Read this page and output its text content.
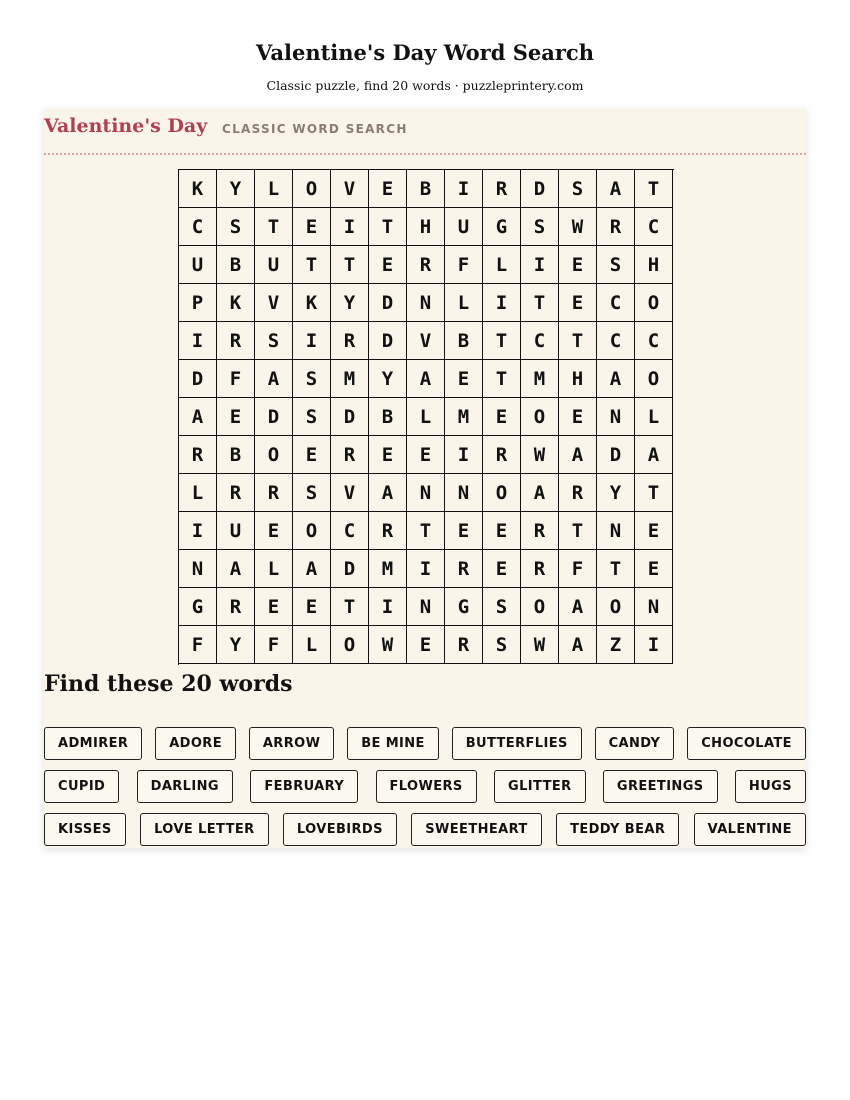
Valentine's Day Word Search
Classic puzzle, find 20 words · puzzleprintery.com
Valentine's Day CLASSIC WORD SEARCH
K	Y	L	O	V	E	B	I	R	D	S	A	T
C	S	T	E	I	T	H	U	G	S	W	R	C
U	B	U	T	T	E	R	F	L	I	E	S	H
P	K	V	K	Y	D	N	L	I	T	E	C	O
I	R	S	I	R	D	V	B	T	C	T	C	C
D	F	A	S	M	Y	A	E	T	M	H	A	O
A	E	D	S	D	B	L	M	E	O	E	N	L
R	B	O	E	R	E	E	I	R	W	A	D	A
L	R	R	S	V	A	N	N	O	A	R	Y	T
I	U	E	O	C	R	T	E	E	R	T	N	E
N	A	L	A	D	M	I	R	E	R	F	T	E
G	R	E	E	T	I	N	G	S	O	A	O	N
F	Y	F	L	O	W	E	R	S	W	A	Z	I
Find these 20 words
ADMIRER	ADORE	ARROW	BE MINE	BUTTERFLIES	CANDY	CHOCOLATE
CUPID	DARLING	FEBRUARY	FLOWERS	GLITTER	GREETINGS	HUGS
KISSES	LOVE LETTER	LOVEBIRDS	SWEETHEART	TEDDY BEAR	VALENTINE
